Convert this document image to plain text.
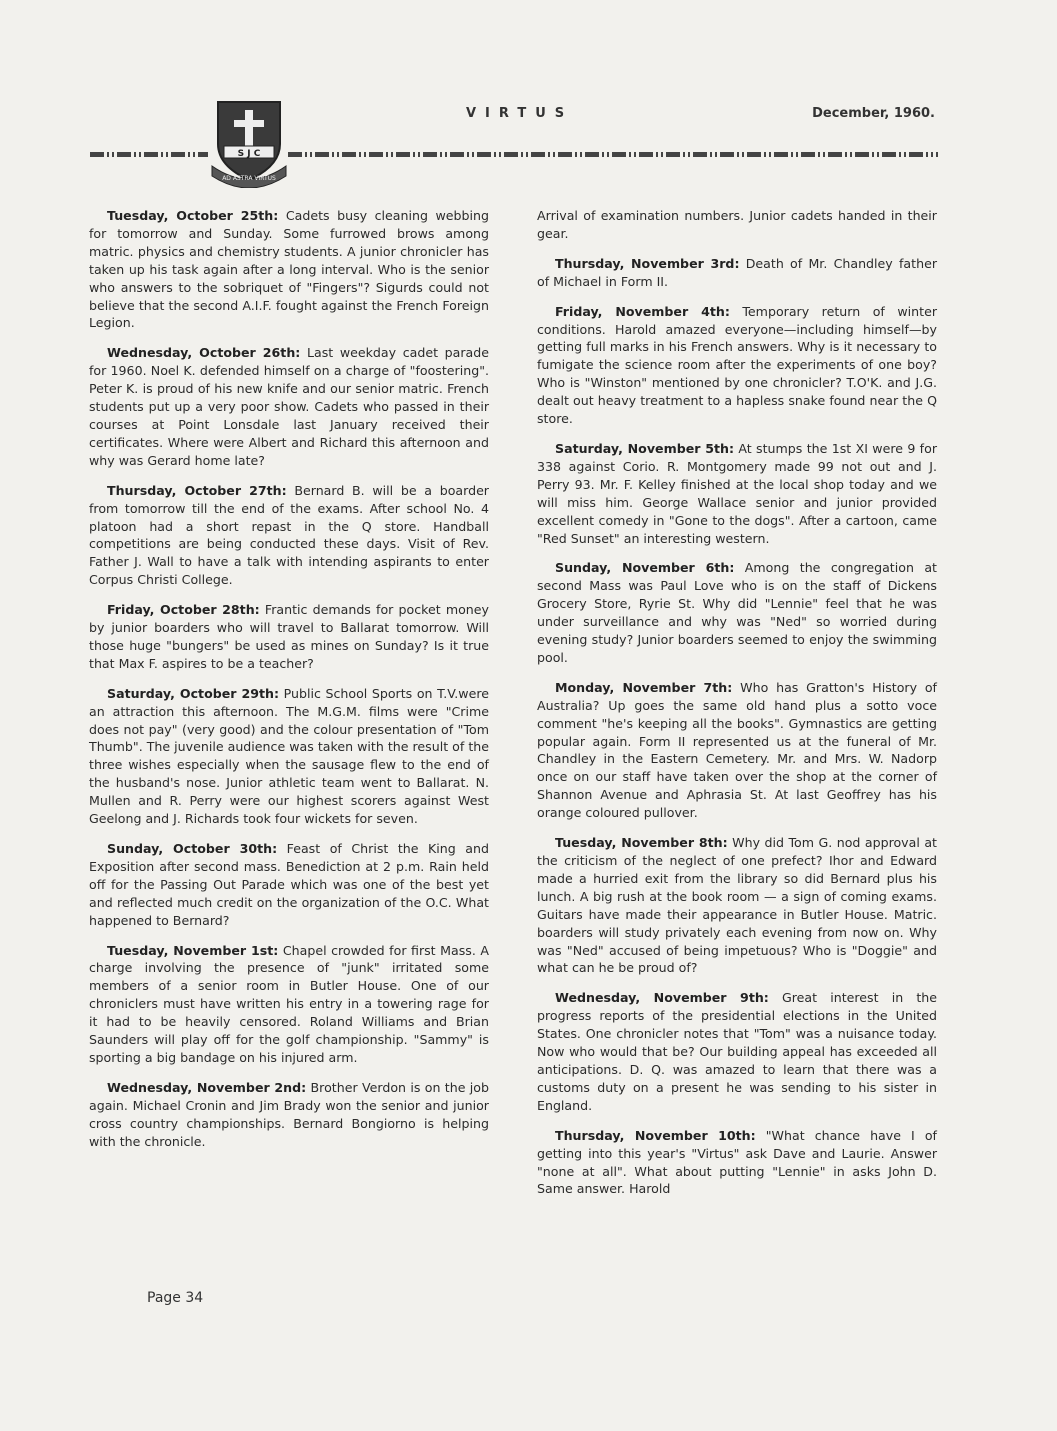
S J C
AD ASTRA VIRTUS
VIRTUS	December, 1960.

Tuesday, October 25th: Cadets busy cleaning webbing for tomorrow and Sunday. Some furrowed brows among matric. physics and chemistry students. A junior chronicler has taken up his task again after a long interval. Who is the senior who answers to the sobriquet of "Fingers"? Sigurds could not believe that the second A.I.F. fought against the French Foreign Legion.

Wednesday, October 26th: Last weekday cadet parade for 1960. Noel K. defended himself on a charge of "foostering". Peter K. is proud of his new knife and our senior matric. French students put up a very poor show. Cadets who passed in their courses at Point Lonsdale last January received their certificates. Where were Albert and Richard this afternoon and why was Gerard home late?

Thursday, October 27th: Bernard B. will be a boarder from tomorrow till the end of the exams. After school No. 4 platoon had a short repast in the Q store. Handball competitions are being conducted these days. Visit of Rev. Father J. Wall to have a talk with intending aspirants to enter Corpus Christi College.

Friday, October 28th: Frantic demands for pocket money by junior boarders who will travel to Ballarat tomorrow. Will those huge "bungers" be used as mines on Sunday? Is it true that Max F. aspires to be a teacher?

Saturday, October 29th: Public School Sports on T.V.were an attraction this afternoon. The M.G.M. films were "Crime does not pay" (very good) and the colour presentation of "Tom Thumb". The juvenile audience was taken with the result of the three wishes especially when the sausage flew to the end of the husband's nose. Junior athletic team went to Ballarat. N. Mullen and R. Perry were our highest scorers against West Geelong and J. Richards took four wickets for seven.

Sunday, October 30th: Feast of Christ the King and Exposition after second mass. Benediction at 2 p.m. Rain held off for the Passing Out Parade which was one of the best yet and reflected much credit on the organization of the O.C. What happened to Bernard?

Tuesday, November 1st: Chapel crowded for first Mass. A charge involving the presence of "junk" irritated some members of a senior room in Butler House. One of our chroniclers must have written his entry in a towering rage for it had to be heavily censored. Roland Williams and Brian Saunders will play off for the golf championship. "Sammy" is sporting a big bandage on his injured arm.

Wednesday, November 2nd: Brother Verdon is on the job again. Michael Cronin and Jim Brady won the senior and junior cross country championships. Bernard Bongiorno is helping with the chronicle.

Arrival of examination numbers. Junior cadets handed in their gear.

Thursday, November 3rd: Death of Mr. Chandley father of Michael in Form II.

Friday, November 4th: Temporary return of winter conditions. Harold amazed everyone—including himself—by getting full marks in his French answers. Why is it necessary to fumigate the science room after the experiments of one boy? Who is "Winston" mentioned by one chronicler? T.O'K. and J.G. dealt out heavy treatment to a hapless snake found near the Q store.

Saturday, November 5th: At stumps the 1st XI were 9 for 338 against Corio. R. Montgomery made 99 not out and J. Perry 93. Mr. F. Kelley finished at the local shop today and we will miss him. George Wallace senior and junior provided excellent comedy in "Gone to the dogs". After a cartoon, came "Red Sunset" an interesting western.

Sunday, November 6th: Among the congregation at second Mass was Paul Love who is on the staff of Dickens Grocery Store, Ryrie St. Why did "Lennie" feel that he was under surveillance and why was "Ned" so worried during evening study? Junior boarders seemed to enjoy the swimming pool.

Monday, November 7th: Who has Gratton's History of Australia? Up goes the same old hand plus a sotto voce comment "he's keeping all the books". Gymnastics are getting popular again. Form II represented us at the funeral of Mr. Chandley in the Eastern Cemetery. Mr. and Mrs. W. Nadorp once on our staff have taken over the shop at the corner of Shannon Avenue and Aphrasia St. At last Geoffrey has his orange coloured pullover.

Tuesday, November 8th: Why did Tom G. nod approval at the criticism of the neglect of one prefect? Ihor and Edward made a hurried exit from the library so did Bernard plus his lunch. A big rush at the book room — a sign of coming exams. Guitars have made their appearance in Butler House. Matric. boarders will study privately each evening from now on. Why was "Ned" accused of being impetuous? Who is "Doggie" and what can he be proud of?

Wednesday, November 9th: Great interest in the progress reports of the presidential elections in the United States. One chronicler notes that "Tom" was a nuisance today. Now who would that be? Our building appeal has exceeded all anticipations. D. Q. was amazed to learn that there was a customs duty on a present he was sending to his sister in England.

Thursday, November 10th: "What chance have I of getting into this year's "Virtus" ask Dave and Laurie. Answer "none at all". What about putting "Lennie" in asks John D. Same answer. Harold

Page 34
